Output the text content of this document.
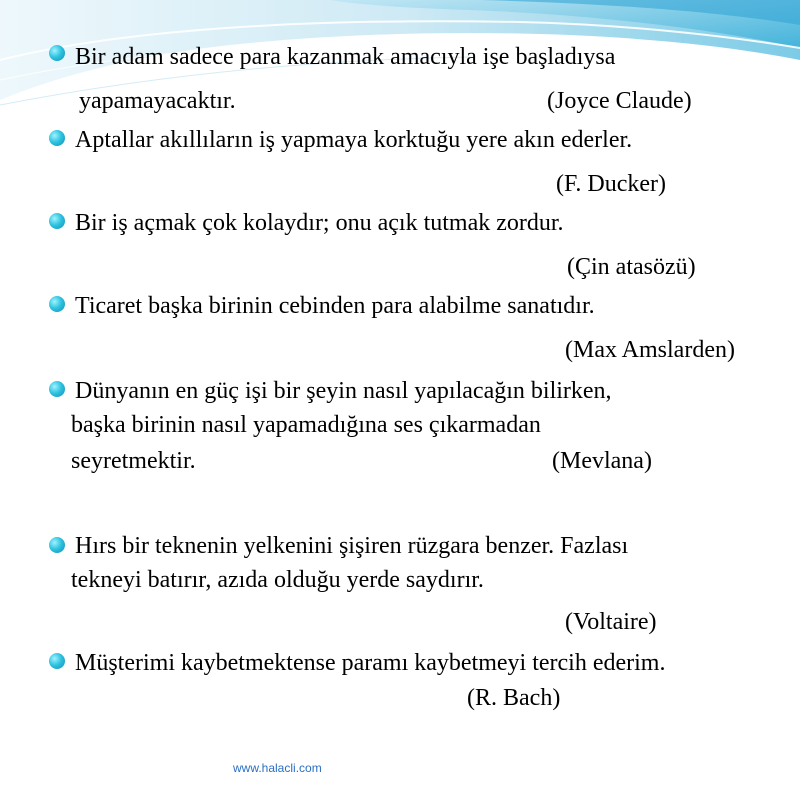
Bir adam sadece para kazanmak amacıyla işe başladıysa
yapamayacaktır.	(Joyce Claude)
Aptallar akıllıların iş yapmaya korktuğu yere akın ederler.
(F. Ducker)
Bir iş açmak çok kolaydır; onu açık tutmak zordur.
(Çin atasözü)
Ticaret başka birinin cebinden para alabilme sanatıdır.
(Max Amslarden)
Dünyanın en güç işi bir şeyin nasıl yapılacağın bilirken,
başka birinin nasıl yapamadığına ses çıkarmadan
seyretmektir.	(Mevlana)
Hırs bir teknenin yelkenini şişiren rüzgara benzer. Fazlası
tekneyi batırır, azıda olduğu yerde saydırır.
(Voltaire)
Müşterimi kaybetmektense paramı kaybetmeyi tercih ederim.
(R. Bach)
www.halacli.com
